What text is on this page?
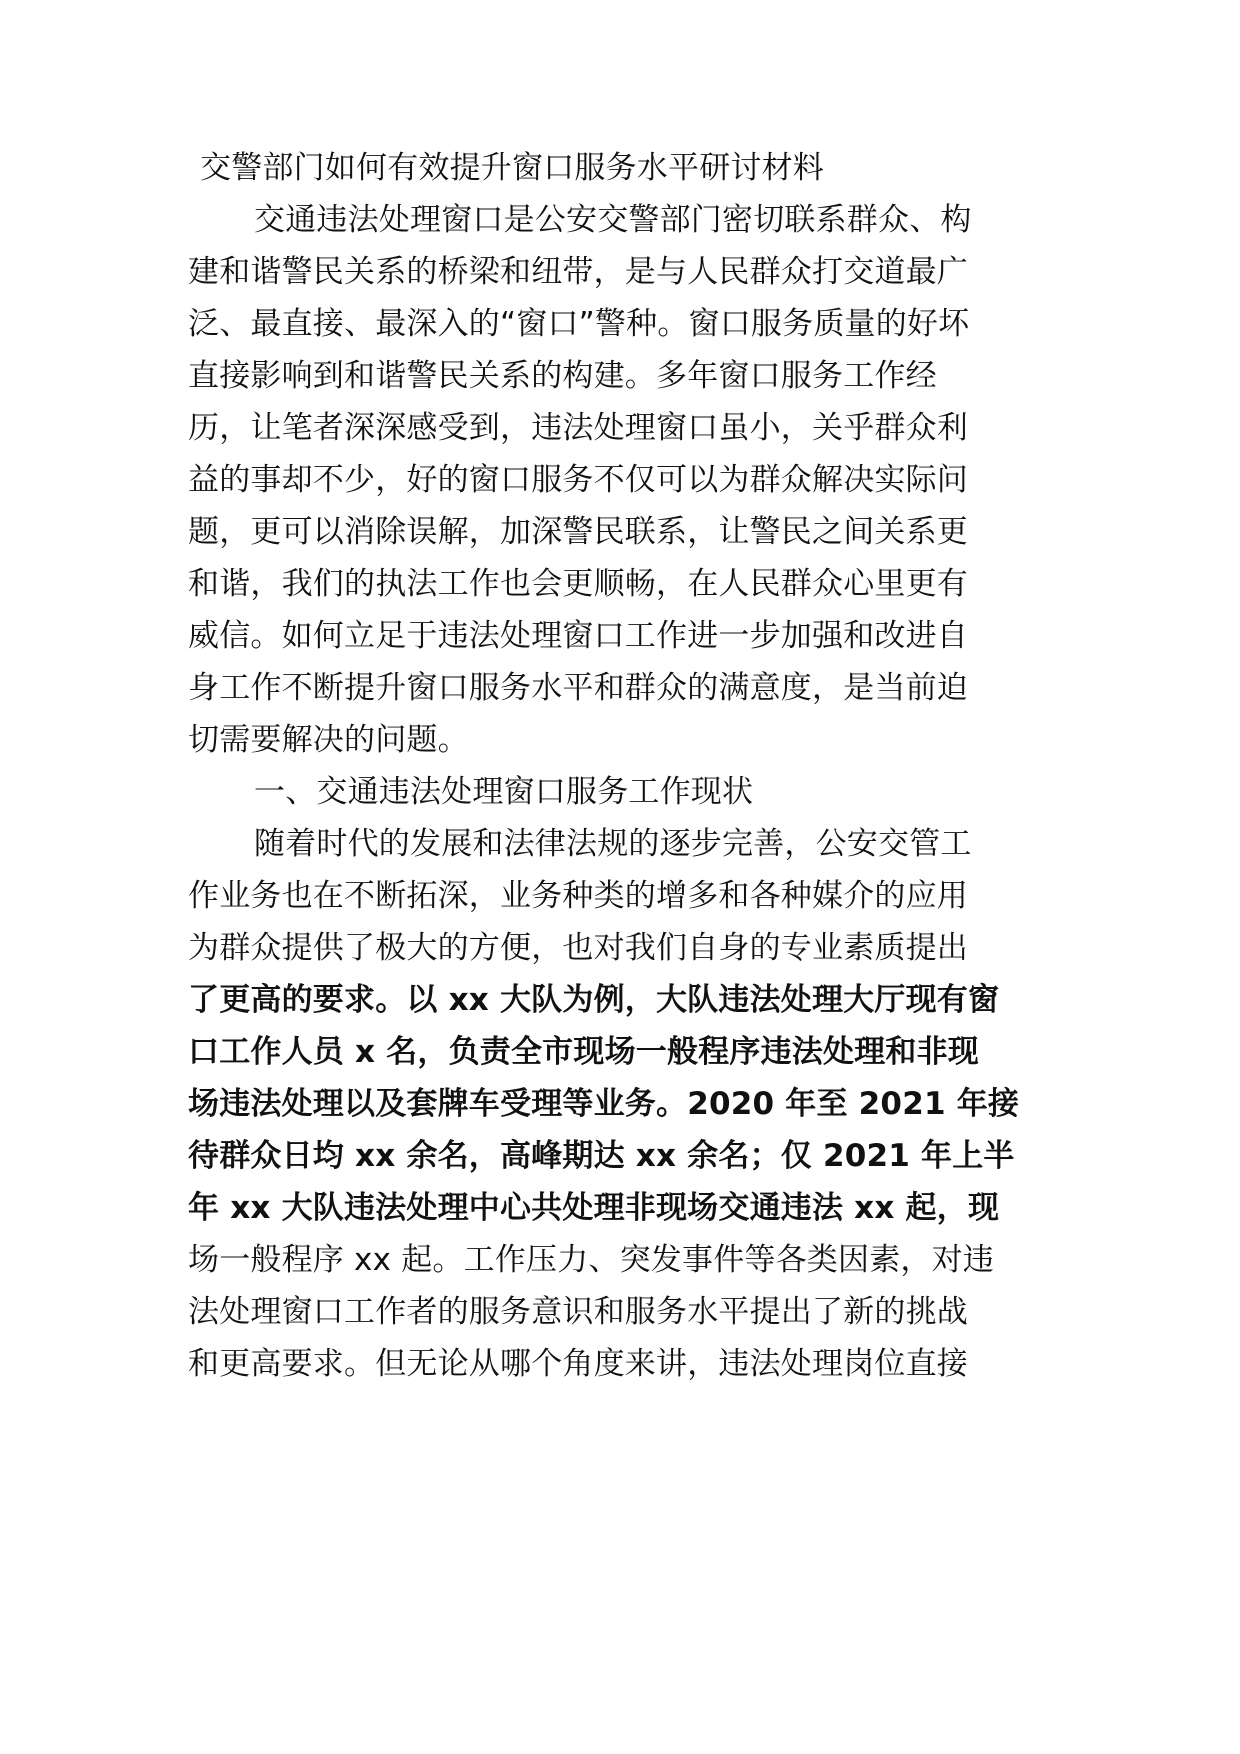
交警部门如何有效提升窗口服务水平研讨材料
交通违法处理窗口是公安交警部门密切联系群众、构
建和谐警民关系的桥梁和纽带，是与人民群众打交道最广
泛、最直接、最深入的“窗口”警种。窗口服务质量的好坏
直接影响到和谐警民关系的构建。多年窗口服务工作经
历，让笔者深深感受到，违法处理窗口虽小，关乎群众利
益的事却不少，好的窗口服务不仅可以为群众解决实际问
题，更可以消除误解，加深警民联系，让警民之间关系更
和谐，我们的执法工作也会更顺畅，在人民群众心里更有
威信。如何立足于违法处理窗口工作进一步加强和改进自
身工作不断提升窗口服务水平和群众的满意度，是当前迫
切需要解决的问题。
一、交通违法处理窗口服务工作现状
随着时代的发展和法律法规的逐步完善，公安交管工
作业务也在不断拓深，业务种类的增多和各种媒介的应用
为群众提供了极大的方便，也对我们自身的专业素质提出
了更高的要求。以 xx 大队为例，大队违法处理大厅现有窗
口工作人员 x 名，负责全市现场一般程序违法处理和非现
场违法处理以及套牌车受理等业务。2020 年至 2021 年接
待群众日均 xx 余名，高峰期达 xx 余名；仅 2021 年上半
年 xx 大队违法处理中心共处理非现场交通违法 xx 起，现
场一般程序 xx 起。工作压力、突发事件等各类因素，对违
法处理窗口工作者的服务意识和服务水平提出了新的挑战
和更高要求。但无论从哪个角度来讲，违法处理岗位直接
